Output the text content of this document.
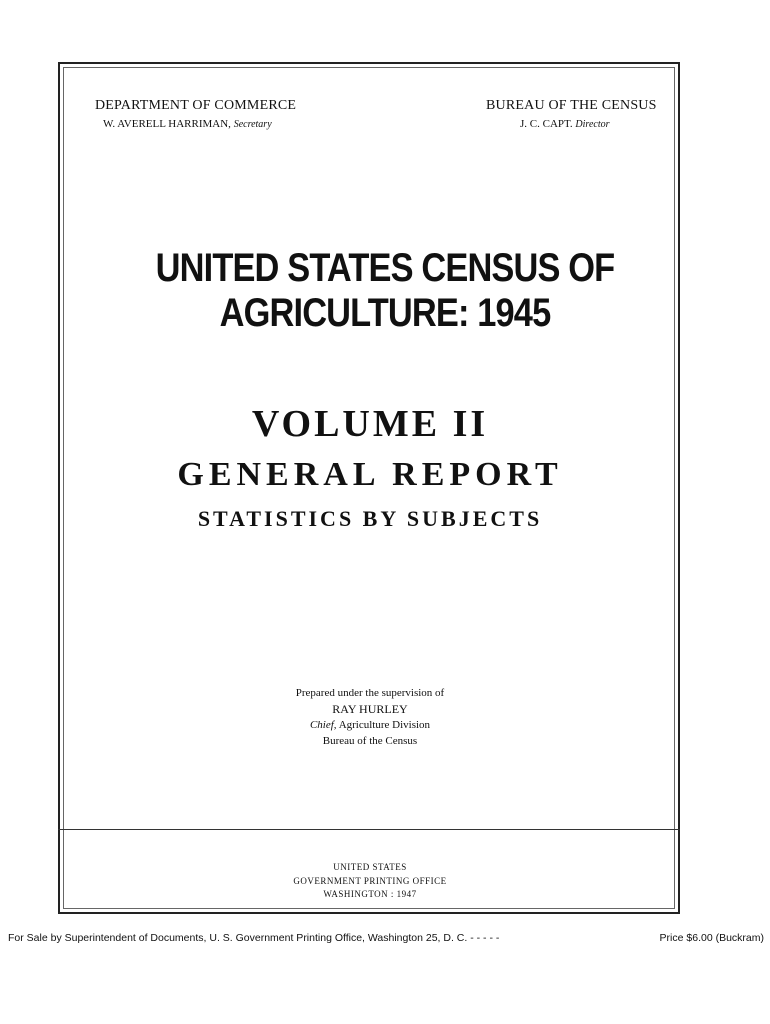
DEPARTMENT OF COMMERCE
W. AVERELL HARRIMAN, Secretary
BUREAU OF THE CENSUS
J. C. CAPT. Director
UNITED STATES CENSUS OF AGRICULTURE: 1945
VOLUME II
GENERAL REPORT
STATISTICS BY SUBJECTS
Prepared under the supervision of
RAY HURLEY
Chief, Agriculture Division
Bureau of the Census
UNITED STATES
GOVERNMENT PRINTING OFFICE
WASHINGTON : 1947
For Sale by Superintendent of Documents, U. S. Government Printing Office, Washington 25, D. C. - - - - -	Price $6.00 (Buckram)
